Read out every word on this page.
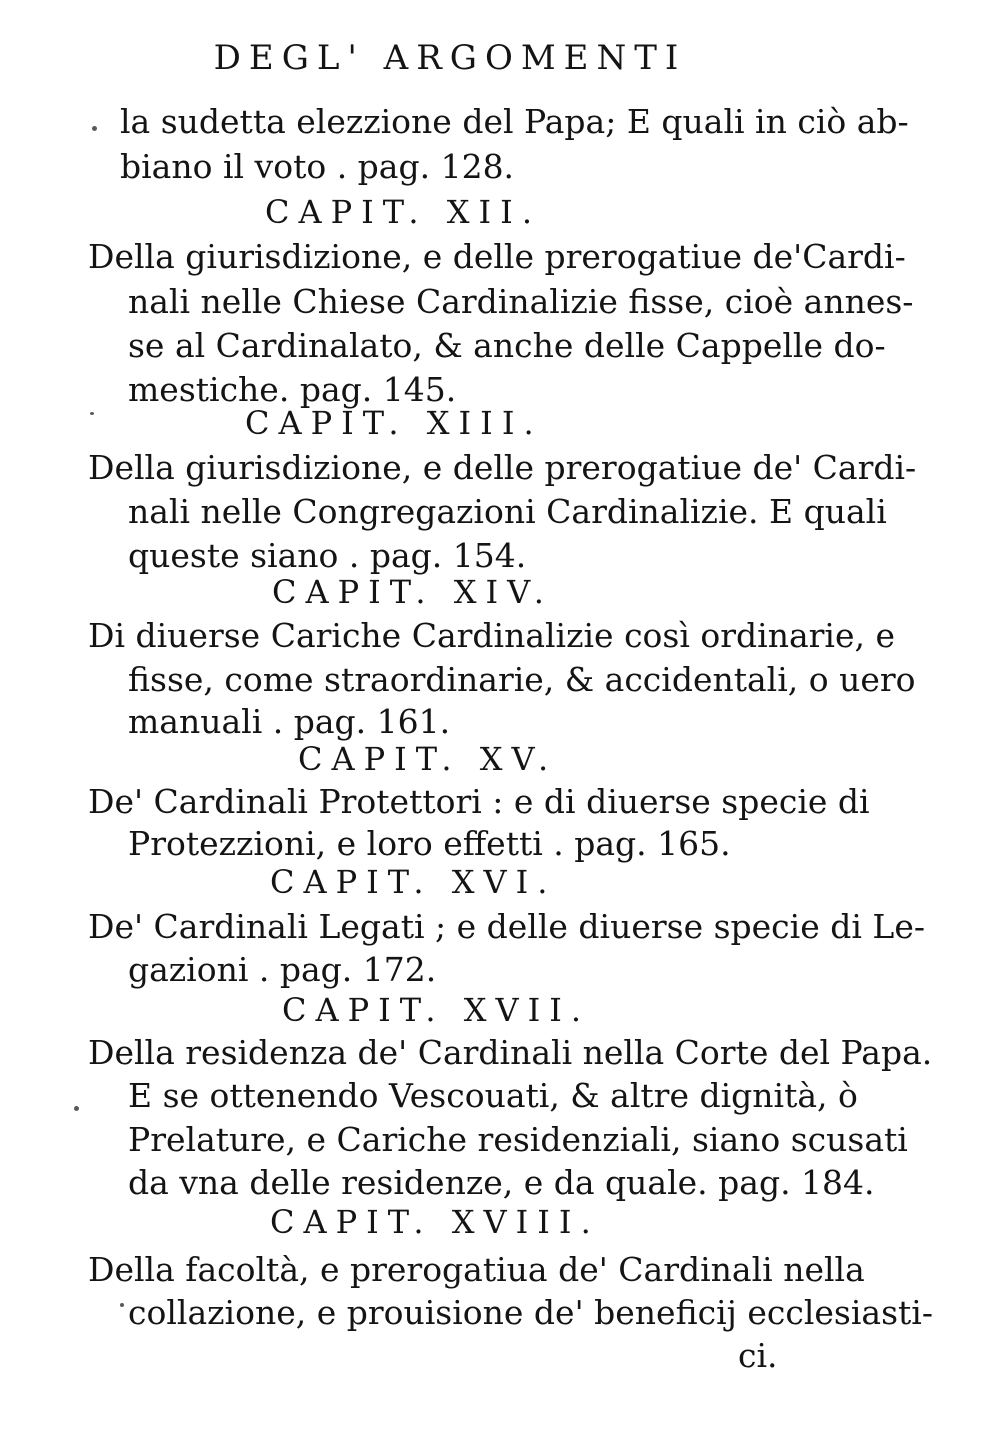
DEGL' ARGOMENTI
la sudetta elezzione del Papa; E quali in ciò ab-
biano il voto . pag. 128.
CAPIT. XII.
Della giurisdizione, e delle prerogatiue de'Cardi-
nali nelle Chiese Cardinalizie fisse, cioè annes-
se al Cardinalato, & anche delle Cappelle do-
mestiche. pag. 145.
CAPIT. XIII.
Della giurisdizione, e delle prerogatiue de' Cardi-
nali nelle Congregazioni Cardinalizie. E quali
queste siano . pag. 154.
CAPIT. XIV.
Di diuerse Cariche Cardinalizie così ordinarie, e
fisse, come straordinarie, & accidentali, o uero
manuali . pag. 161.
CAPIT. XV.
De' Cardinali Protettori : e di diuerse specie di
Protezzioni, e loro effetti . pag. 165.
CAPIT. XVI.
De' Cardinali Legati ; e delle diuerse specie di Le-
gazioni . pag. 172.
CAPIT. XVII.
Della residenza de' Cardinali nella Corte del Papa.
E se ottenendo Vescouati, & altre dignità, ò
Prelature, e Cariche residenziali, siano scusati
da vna delle residenze, e da quale. pag. 184.
CAPIT. XVIII.
Della facoltà, e prerogatiua de' Cardinali nella
collazione, e prouisione de' beneficij ecclesiasti-
ci.
